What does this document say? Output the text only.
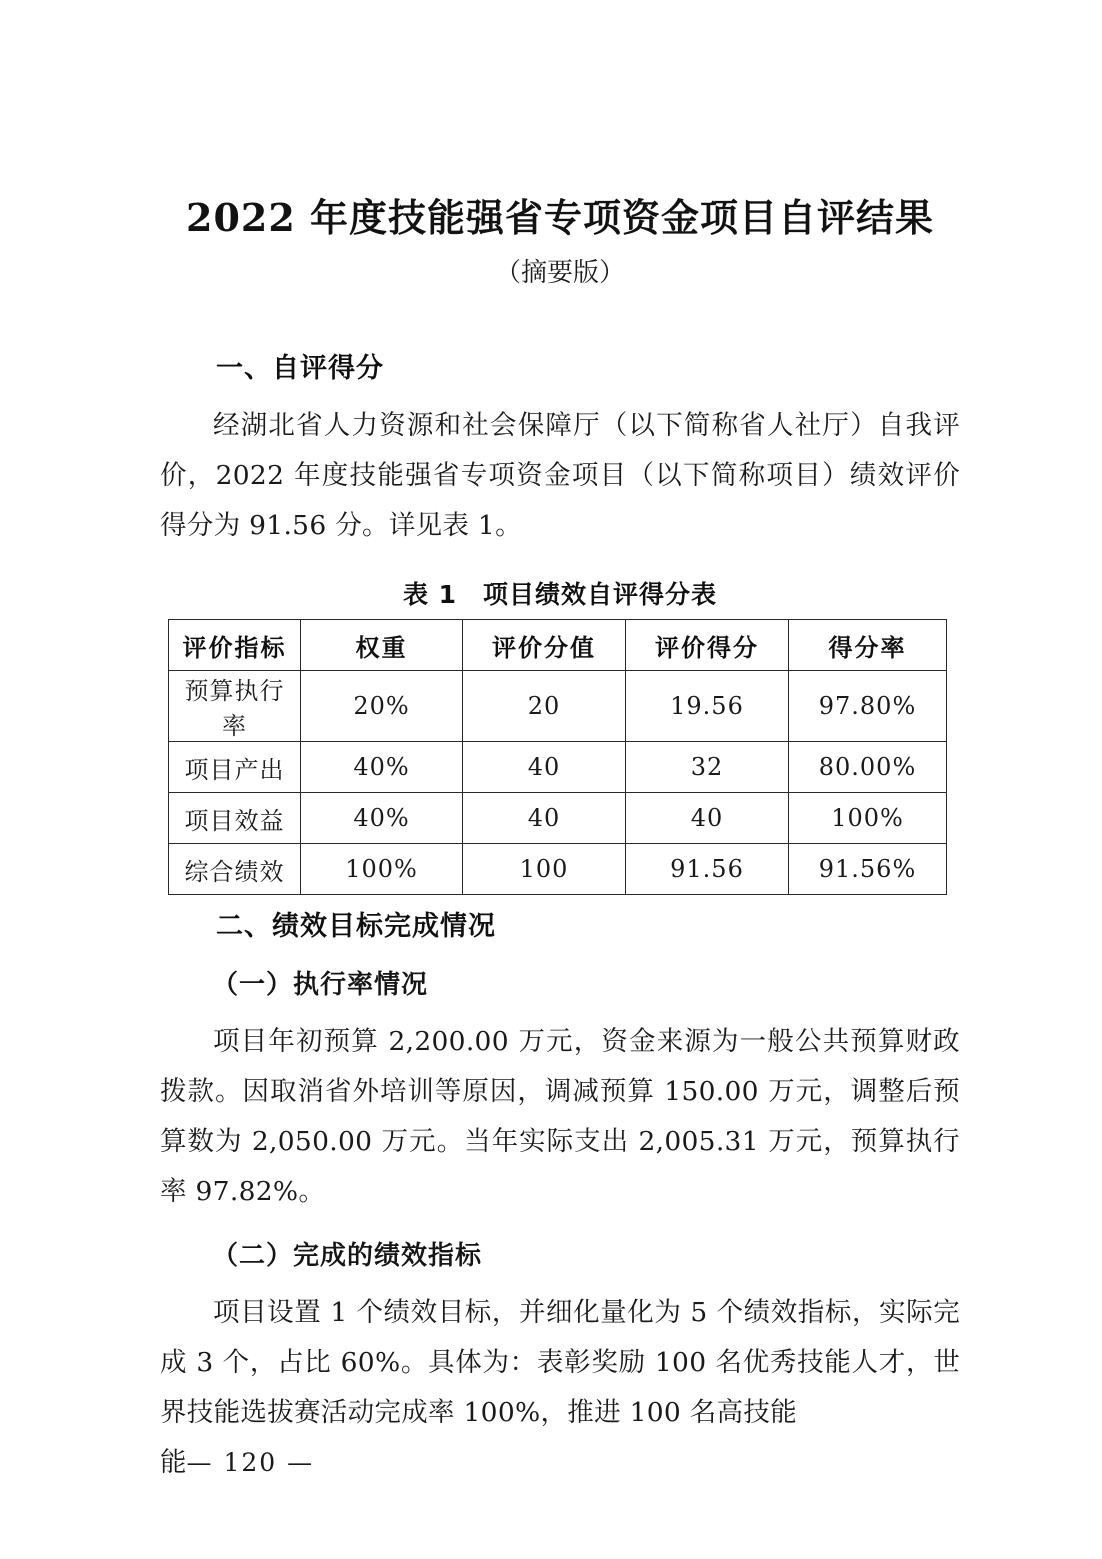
2022 年度技能强省专项资金项目自评结果

（摘要版）

一、自评得分

经湖北省人力资源和社会保障厅（以下简称省人社厅）自我评价，2022 年度技能强省专项资金项目（以下简称项目）绩效评价得分为 91.56 分。详见表 1。

表 1　项目绩效自评得分表

评价指标	权重	评价分值	评价得分	得分率
预算执行率	20%	20	19.56	97.80%
项目产出	40%	40	32	80.00%
项目效益	40%	40	40	100%
综合绩效	100%	100	91.56	91.56%
二、绩效目标完成情况
（一）执行率情况

项目年初预算 2,200.00 万元，资金来源为一般公共预算财政拨款。因取消省外培训等原因，调减预算 150.00 万元，调整后预算数为 2,050.00 万元。当年实际支出 2,005.31 万元，预算执行率 97.82%。

（二）完成的绩效指标

项目设置 1 个绩效目标，并细化量化为 5 个绩效指标，实际完成 3 个，占比 60%。具体为：表彰奖励 100 名优秀技能人才，世界技能选拔赛活动完成率 100%，推进 100 名高技能

能— 120 —
